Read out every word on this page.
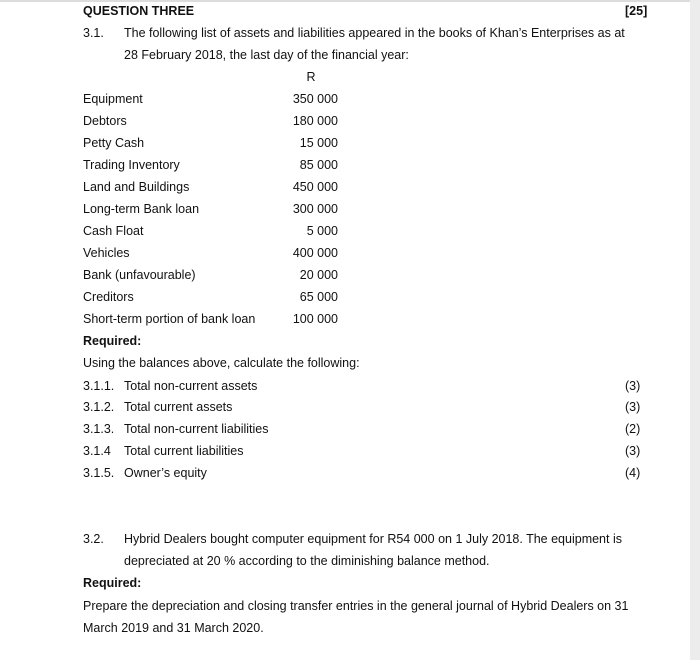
QUESTION THREE	[25]
3.1. The following list of assets and liabilities appeared in the books of Khan’s Enterprises as at
28 February 2018, the last day of the financial year:
R
Equipment	350 000
Debtors	180 000
Petty Cash	15 000
Trading Inventory	85 000
Land and Buildings	450 000
Long-term Bank loan	300 000
Cash Float	5 000
Vehicles	400 000
Bank (unfavourable)	20 000
Creditors	65 000
Short-term portion of bank loan	100 000
Required:
Using the balances above, calculate the following:
3.1.1. Total non-current assets	(3)
3.1.2. Total current assets	(3)
3.1.3. Total non-current liabilities	(2)
3.1.4 Total current liabilities	(3)
3.1.5. Owner’s equity	(4)
3.2. Hybrid Dealers bought computer equipment for R54 000 on 1 July 2018. The equipment is
depreciated at 20 % according to the diminishing balance method.
Required:
Prepare the depreciation and closing transfer entries in the general journal of Hybrid Dealers on 31
March 2019 and 31 March 2020.
